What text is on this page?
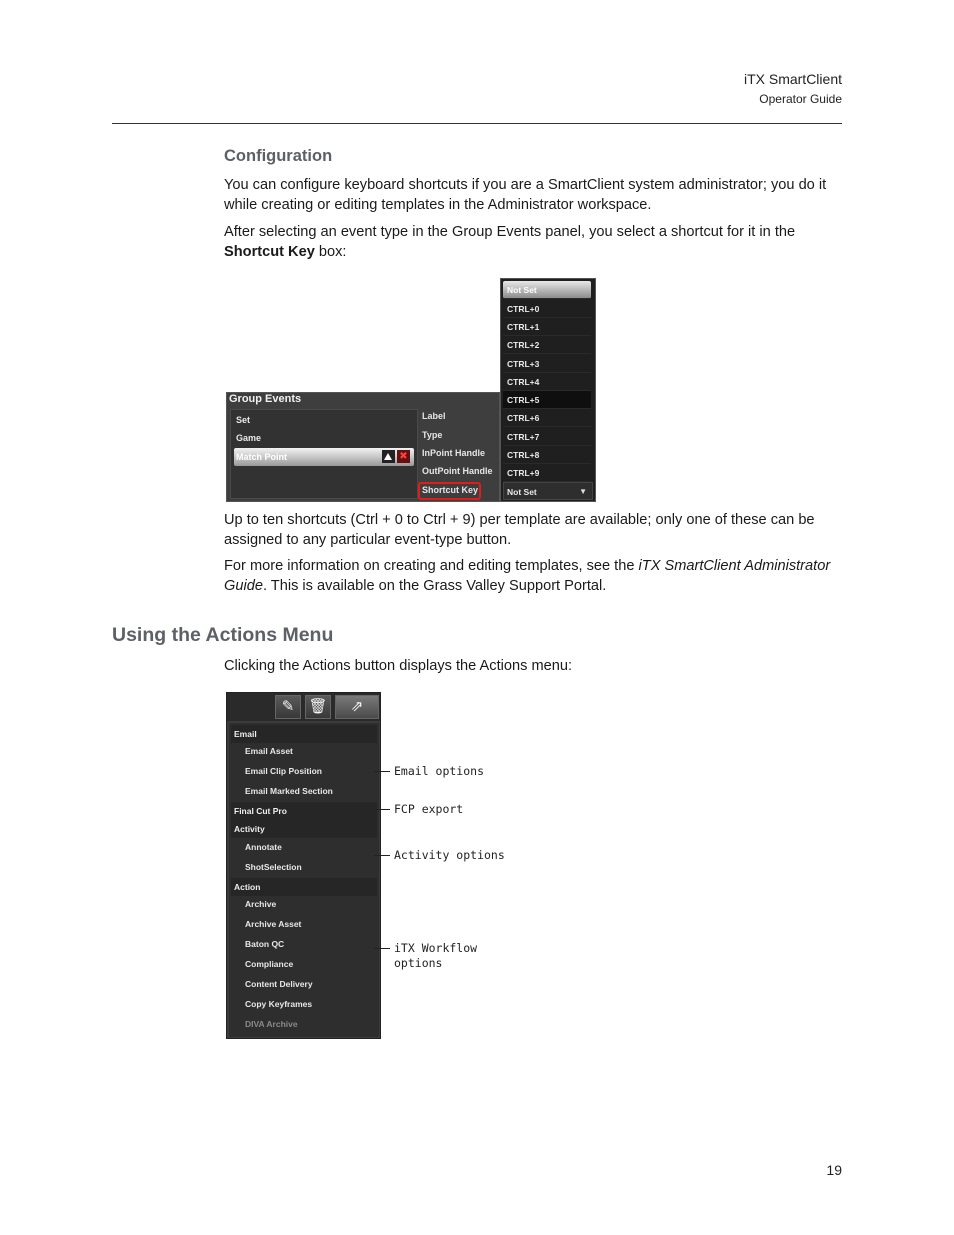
iTX SmartClient
Operator Guide
Configuration
You can configure keyboard shortcuts if you are a SmartClient system administrator; you do it while creating or editing templates in the Administrator workspace.
After selecting an event type in the Group Events panel, you select a shortcut for it in the Shortcut Key box:
Group Events
Set
Game
Match Point	✖
Label
Type
InPoint Handle
OutPoint Handle
Shortcut Key
Not Set
CTRL+0
CTRL+1
CTRL+2
CTRL+3
CTRL+4
CTRL+5
CTRL+6
CTRL+7
CTRL+8
CTRL+9
Not Set	▼
Up to ten shortcuts (Ctrl + 0 to Ctrl + 9) per template are available; only one of these can be assigned to any particular event-type button.
For more information on creating and editing templates, see the iTX SmartClient Administrator Guide. This is available on the Grass Valley Support Portal.
Using the Actions Menu
Clicking the Actions button displays the Actions menu:
✎ 🗑	⇗
Email
Email Asset
Email Clip Position
Email Marked Section
Final Cut Pro
Activity
Annotate
ShotSelection
Action
Archive
Archive Asset
Baton QC
Compliance
Content Delivery
Copy Keyframes
DIVA Archive
Email options
FCP export
Activity options
iTX Workflow
options
19
